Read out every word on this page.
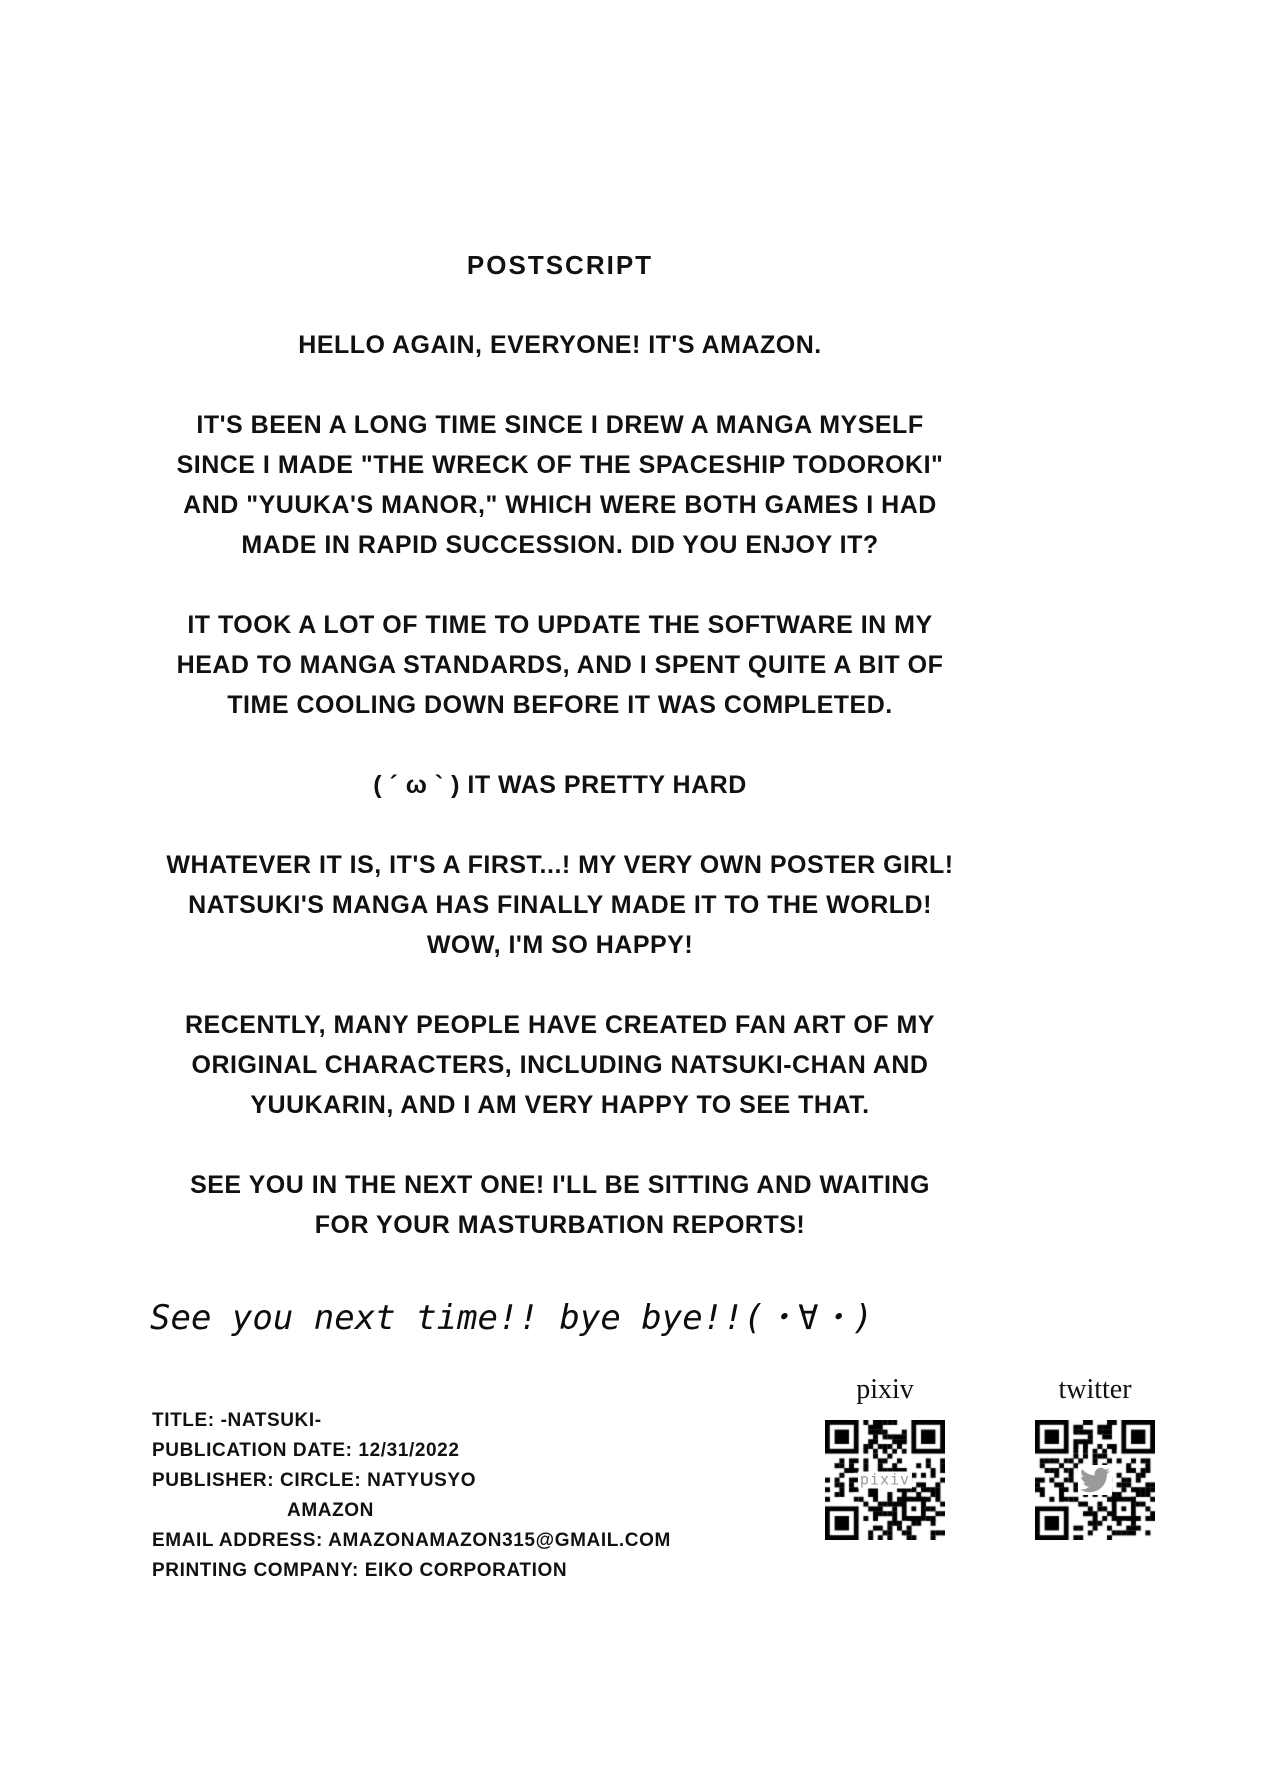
POSTSCRIPT

HELLO AGAIN, EVERYONE! IT'S AMAZON.

IT'S BEEN A LONG TIME SINCE I DREW A MANGA MYSELF
SINCE I MADE "THE WRECK OF THE SPACESHIP TODOROKI"
AND "YUUKA'S MANOR," WHICH WERE BOTH GAMES I HAD
MADE IN RAPID SUCCESSION. DID YOU ENJOY IT?

IT TOOK A LOT OF TIME TO UPDATE THE SOFTWARE IN MY
HEAD TO MANGA STANDARDS, AND I SPENT QUITE A BIT OF
TIME COOLING DOWN BEFORE IT WAS COMPLETED.

( ´ ω ` ) IT WAS PRETTY HARD

WHATEVER IT IS, IT'S A FIRST...! MY VERY OWN POSTER GIRL!
NATSUKI'S MANGA HAS FINALLY MADE IT TO THE WORLD!
WOW, I'M SO HAPPY!

RECENTLY, MANY PEOPLE HAVE CREATED FAN ART OF MY
ORIGINAL CHARACTERS, INCLUDING NATSUKI-CHAN AND
YUUKARIN, AND I AM VERY HAPPY TO SEE THAT.

SEE YOU IN THE NEXT ONE! I'LL BE SITTING AND WAITING
FOR YOUR MASTURBATION REPORTS!

See you next time!! bye bye!!(・∀・)
TITLE: -NATSUKI-
PUBLICATION DATE: 12/31/2022
PUBLISHER: CIRCLE: NATYUSYO
AMAZON
EMAIL ADDRESS: AMAZONAMAZON315@GMAIL.COM
PRINTING COMPANY: EIKO CORPORATION
pixiv
pixiv
twitter
